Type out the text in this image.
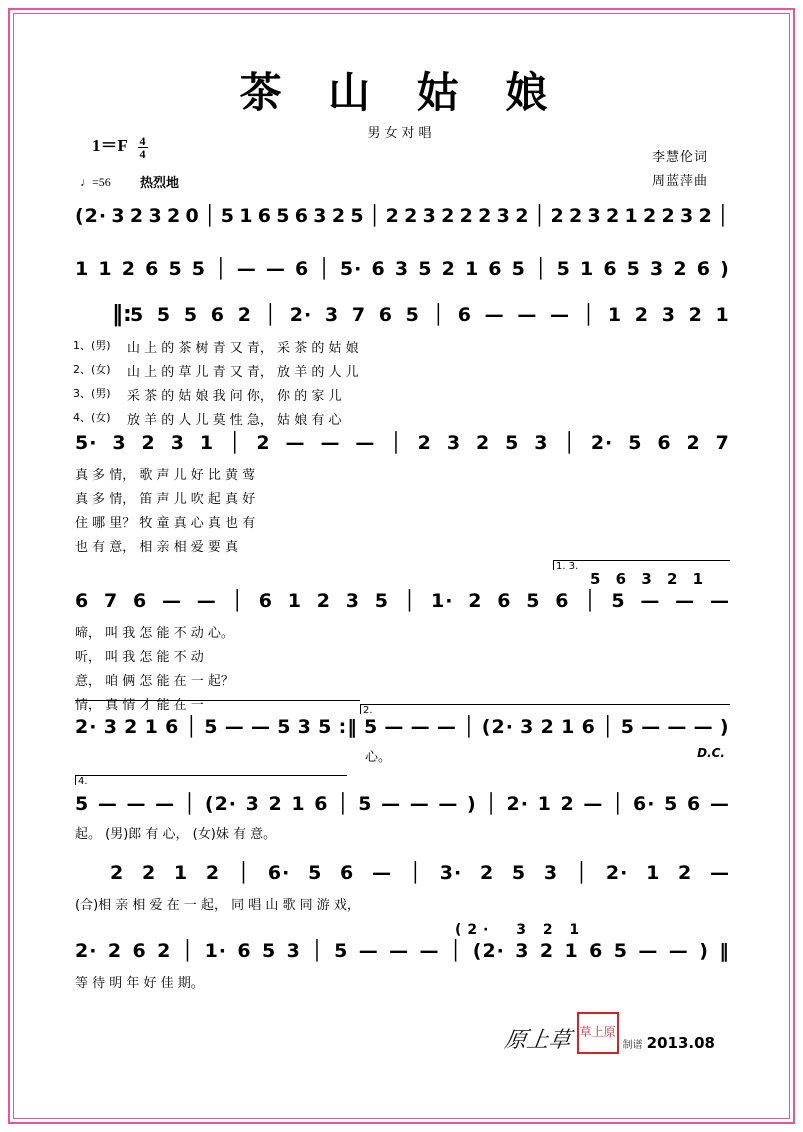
茶 山 姑 娘
男女对唱
$1=F \frac{4}{4}$
♩=56 热烈地
李慧伦词
周蓝萍曲
(2· 3 2 3 2 0 │ 5 1 6 5 6 3 2 5 │ 2 2 3 2 2 2 3 2 │ 2 2 3 2 1 2 2 3 2 │
1 1 2 6 5 5 │ — — 6 │ 5· 6 3 5 2 1 6 5 │ 5 1 6 5 3 2 6 )
‖:
5 5 5 6 2 │ 2· 3 7 6 5 │ 6 — — — │ 1 2 3 2 1
1、(男) 山 上 的 茶 树 青 又 青， 采 茶 的 姑 娘
2、(女) 山 上 的 草 儿 青 又 青， 放 羊 的 人 儿
3、(男) 采 茶 的 姑 娘 我 问 你， 你 的 家 儿
4、(女) 放 羊 的 人 儿 莫 性 急， 姑 娘 有 心
5· 3 2 3 1 │ 2 — — — │ 2 3 2 5 3 │ 2· 5 6 2 7
真 多 情， 歌 声 儿 好 比 黄 莺
真 多 情， 笛 声 儿 吹 起 真 好
住 哪 里？ 牧 童 真 心 真 也 有
也 有 意， 相 亲 相 爱 要 真
1. 3.
5 6 3 2 1
6 7 6 — — │ 6 1 2 3 5 │ 1· 2 6 5 6 │ 5 — — —
啼， 叫 我 怎 能 不 动 心。
听， 叫 我 怎 能 不 动
意， 咱 俩 怎 能 在 一 起？
情， 真 情 才 能 在 一	2.
2· 3 2 1 6 │ 5 — — 5 3 5 :‖ 5 — — — │ (2· 3 2 1 6 │ 5 — — — )
心。	D.C.
4.
5 — — — │ (2· 3 2 1 6 │ 5 — — — ) │ 2· 1 2 — │ 6· 5 6 —
起。 (男)郎 有 心， (女)妹 有 意。
2 2 1 2 │ 6· 5 6 — │ 3· 2 5 3 │ 2· 1 2 —
(合)相 亲 相 爱 在 一 起， 同 唱 山 歌 同 游 戏，
(2·  3 2 1
2· 2 6 2 │ 1· 6 5 3 │ 5 — — — │ (2· 3 2 1 6 5 — — ) ‖
等 待 明 年 好 佳 期。
原上草 草上原
制谱 2013.08
